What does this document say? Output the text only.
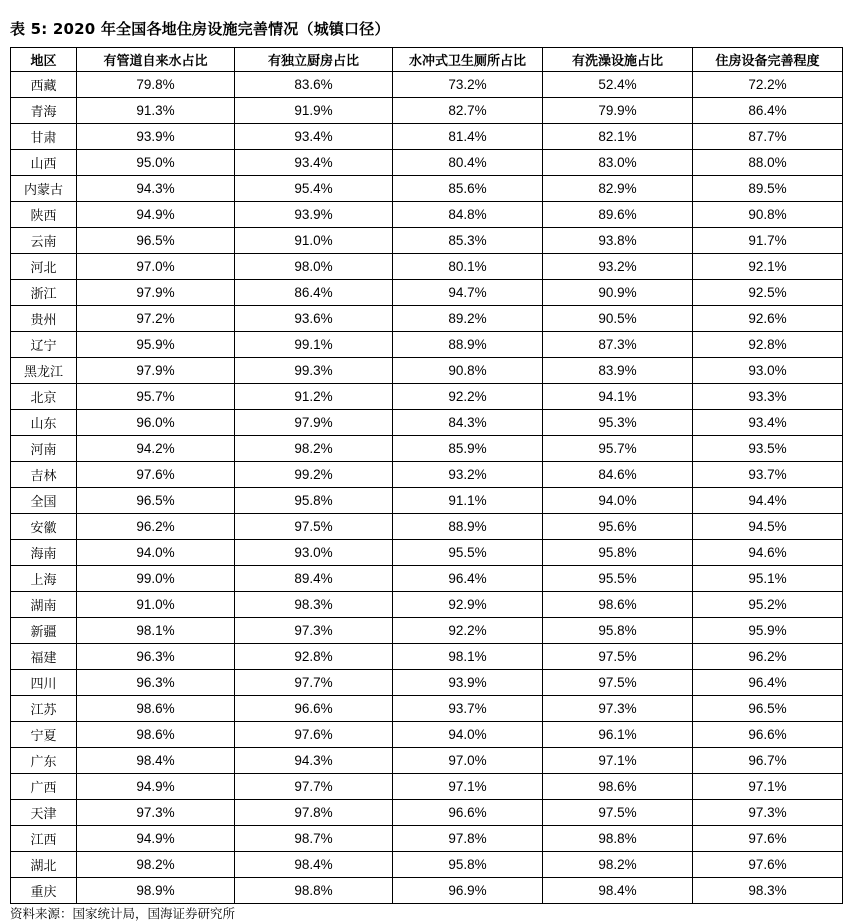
表 5: 2020 年全国各地住房设施完善情况（城镇口径）
地区	有管道自来水占比	有独立厨房占比	水冲式卫生厕所占比	有洗澡设施占比	住房设备完善程度
西藏	79.8%	83.6%	73.2%	52.4%	72.2%
青海	91.3%	91.9%	82.7%	79.9%	86.4%
甘肃	93.9%	93.4%	81.4%	82.1%	87.7%
山西	95.0%	93.4%	80.4%	83.0%	88.0%
内蒙古	94.3%	95.4%	85.6%	82.9%	89.5%
陕西	94.9%	93.9%	84.8%	89.6%	90.8%
云南	96.5%	91.0%	85.3%	93.8%	91.7%
河北	97.0%	98.0%	80.1%	93.2%	92.1%
浙江	97.9%	86.4%	94.7%	90.9%	92.5%
贵州	97.2%	93.6%	89.2%	90.5%	92.6%
辽宁	95.9%	99.1%	88.9%	87.3%	92.8%
黑龙江	97.9%	99.3%	90.8%	83.9%	93.0%
北京	95.7%	91.2%	92.2%	94.1%	93.3%
山东	96.0%	97.9%	84.3%	95.3%	93.4%
河南	94.2%	98.2%	85.9%	95.7%	93.5%
吉林	97.6%	99.2%	93.2%	84.6%	93.7%
全国	96.5%	95.8%	91.1%	94.0%	94.4%
安徽	96.2%	97.5%	88.9%	95.6%	94.5%
海南	94.0%	93.0%	95.5%	95.8%	94.6%
上海	99.0%	89.4%	96.4%	95.5%	95.1%
湖南	91.0%	98.3%	92.9%	98.6%	95.2%
新疆	98.1%	97.3%	92.2%	95.8%	95.9%
福建	96.3%	92.8%	98.1%	97.5%	96.2%
四川	96.3%	97.7%	93.9%	97.5%	96.4%
江苏	98.6%	96.6%	93.7%	97.3%	96.5%
宁夏	98.6%	97.6%	94.0%	96.1%	96.6%
广东	98.4%	94.3%	97.0%	97.1%	96.7%
广西	94.9%	97.7%	97.1%	98.6%	97.1%
天津	97.3%	97.8%	96.6%	97.5%	97.3%
江西	94.9%	98.7%	97.8%	98.8%	97.6%
湖北	98.2%	98.4%	95.8%	98.2%	97.6%
重庆	98.9%	98.8%	96.9%	98.4%	98.3%
资料来源：国家统计局，国海证券研究所
